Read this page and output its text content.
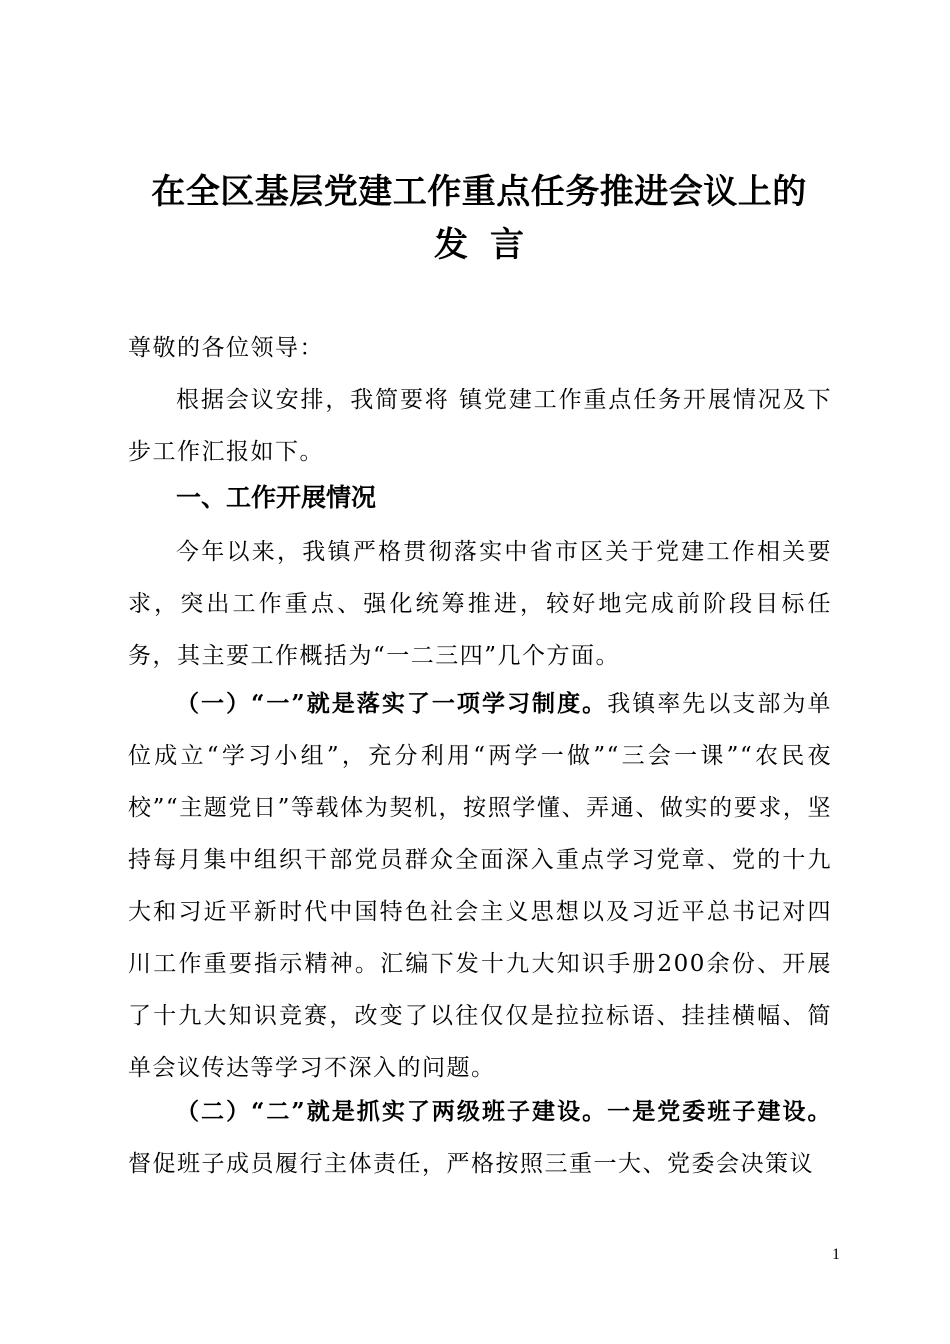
在全区基层党建工作重点任务推进会议上的
发言

尊敬的各位领导：

根据会议安排，我简要将 镇党建工作重点任务开展情况及下步工作汇报如下。

一、工作开展情况

今年以来，我镇严格贯彻落实中省市区关于党建工作相关要求，突出工作重点、强化统筹推进，较好地完成前阶段目标任务，其主要工作概括为“一二三四”几个方面。

（一）“一”就是落实了一项学习制度。我镇率先以支部为单位成立“学习小组”，充分利用“两学一做”“三会一课”“农民夜校”“主题党日”等载体为契机，按照学懂、弄通、做实的要求，坚持每月集中组织干部党员群众全面深入重点学习党章、党的十九大和习近平新时代中国特色社会主义思想以及习近平总书记对四川工作重要指示精神。汇编下发十九大知识手册200余份、开展了十九大知识竞赛，改变了以往仅仅是拉拉标语、挂挂横幅、简单会议传达等学习不深入的问题。

（二）“二”就是抓实了两级班子建设。一是党委班子建设。督促班子成员履行主体责任，严格按照三重一大、党委会决策议

1
